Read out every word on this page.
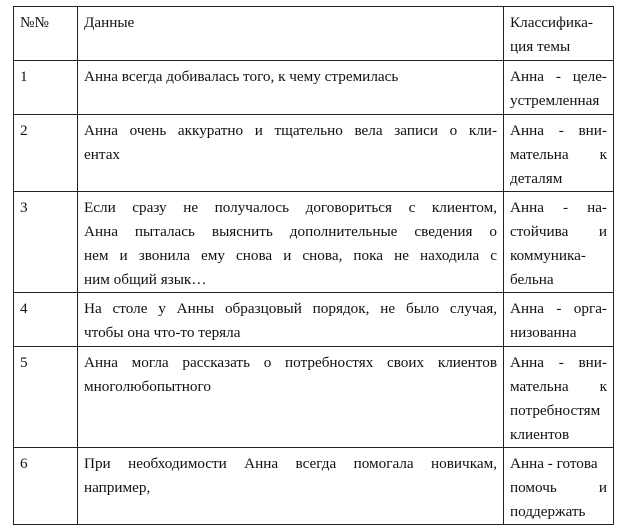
№№	Данные	Классифика-
ция темы

1	Анна всегда добивалась того, к чему стремилась	Анна - целе-
устремленная

2	Анна очень аккуратно и тщательно вела записи о кли-
ентах	Анна - вни-
мательна к
деталям

3	Если сразу не получалось договориться с клиентом,
Анна пыталась выяснить дополнительные сведения о
нем и звонила ему снова и снова, пока не находила с
ним общий язык…	Анна - на-
стойчива и
коммуника-
бельна

4	На столе у Анны образцовый порядок, не было случая,
чтобы она что-то теряла	Анна - орга-
низованна

5	Анна могла рассказать о потребностях своих клиентов
многолюбопытного	Анна - вни-
мательна к
потребностям
клиентов

6	При необходимости Анна всегда помогала новичкам,
например,	Анна - готова
помочь и
поддержать
